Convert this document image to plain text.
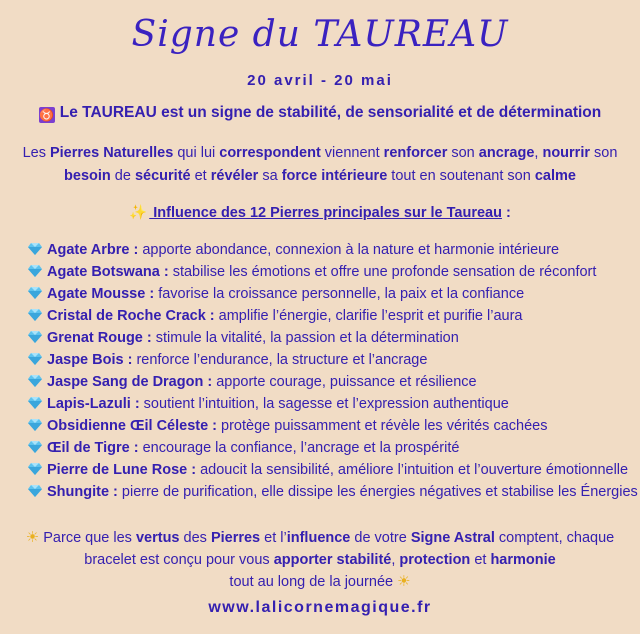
Signe du TAUREAU
20 avril - 20 mai
♉ Le TAUREAU est un signe de stabilité, de sensorialité et de détermination
Les Pierres Naturelles qui lui correspondent viennent renforcer son ancrage, nourrir son
besoin de sécurité et révéler sa force intérieure tout en soutenant son calme
✨ Influence des 12 Pierres principales sur le Taureau :
Agate Arbre : apporte abondance, connexion à la nature et harmonie intérieure
Agate Botswana : stabilise les émotions et offre une profonde sensation de réconfort
Agate Mousse : favorise la croissance personnelle, la paix et la confiance
Cristal de Roche Crack : amplifie l’énergie, clarifie l’esprit et purifie l’aura
Grenat Rouge : stimule la vitalité, la passion et la détermination
Jaspe Bois : renforce l’endurance, la structure et l’ancrage
Jaspe Sang de Dragon : apporte courage, puissance et résilience
Lapis-Lazuli : soutient l’intuition, la sagesse et l’expression authentique
Obsidienne Œil Céleste : protège puissamment et révèle les vérités cachées
Œil de Tigre : encourage la confiance, l’ancrage et la prospérité
Pierre de Lune Rose : adoucit la sensibilité, améliore l’intuition et l’ouverture émotionnelle
Shungite : pierre de purification, elle dissipe les énergies négatives et stabilise les Énergies
☀ Parce que les vertus des Pierres et l’influence de votre Signe Astral comptent, chaque
bracelet est conçu pour vous apporter stabilité, protection et harmonie
tout au long de la journée ☀
www.lalicornemagique.fr
